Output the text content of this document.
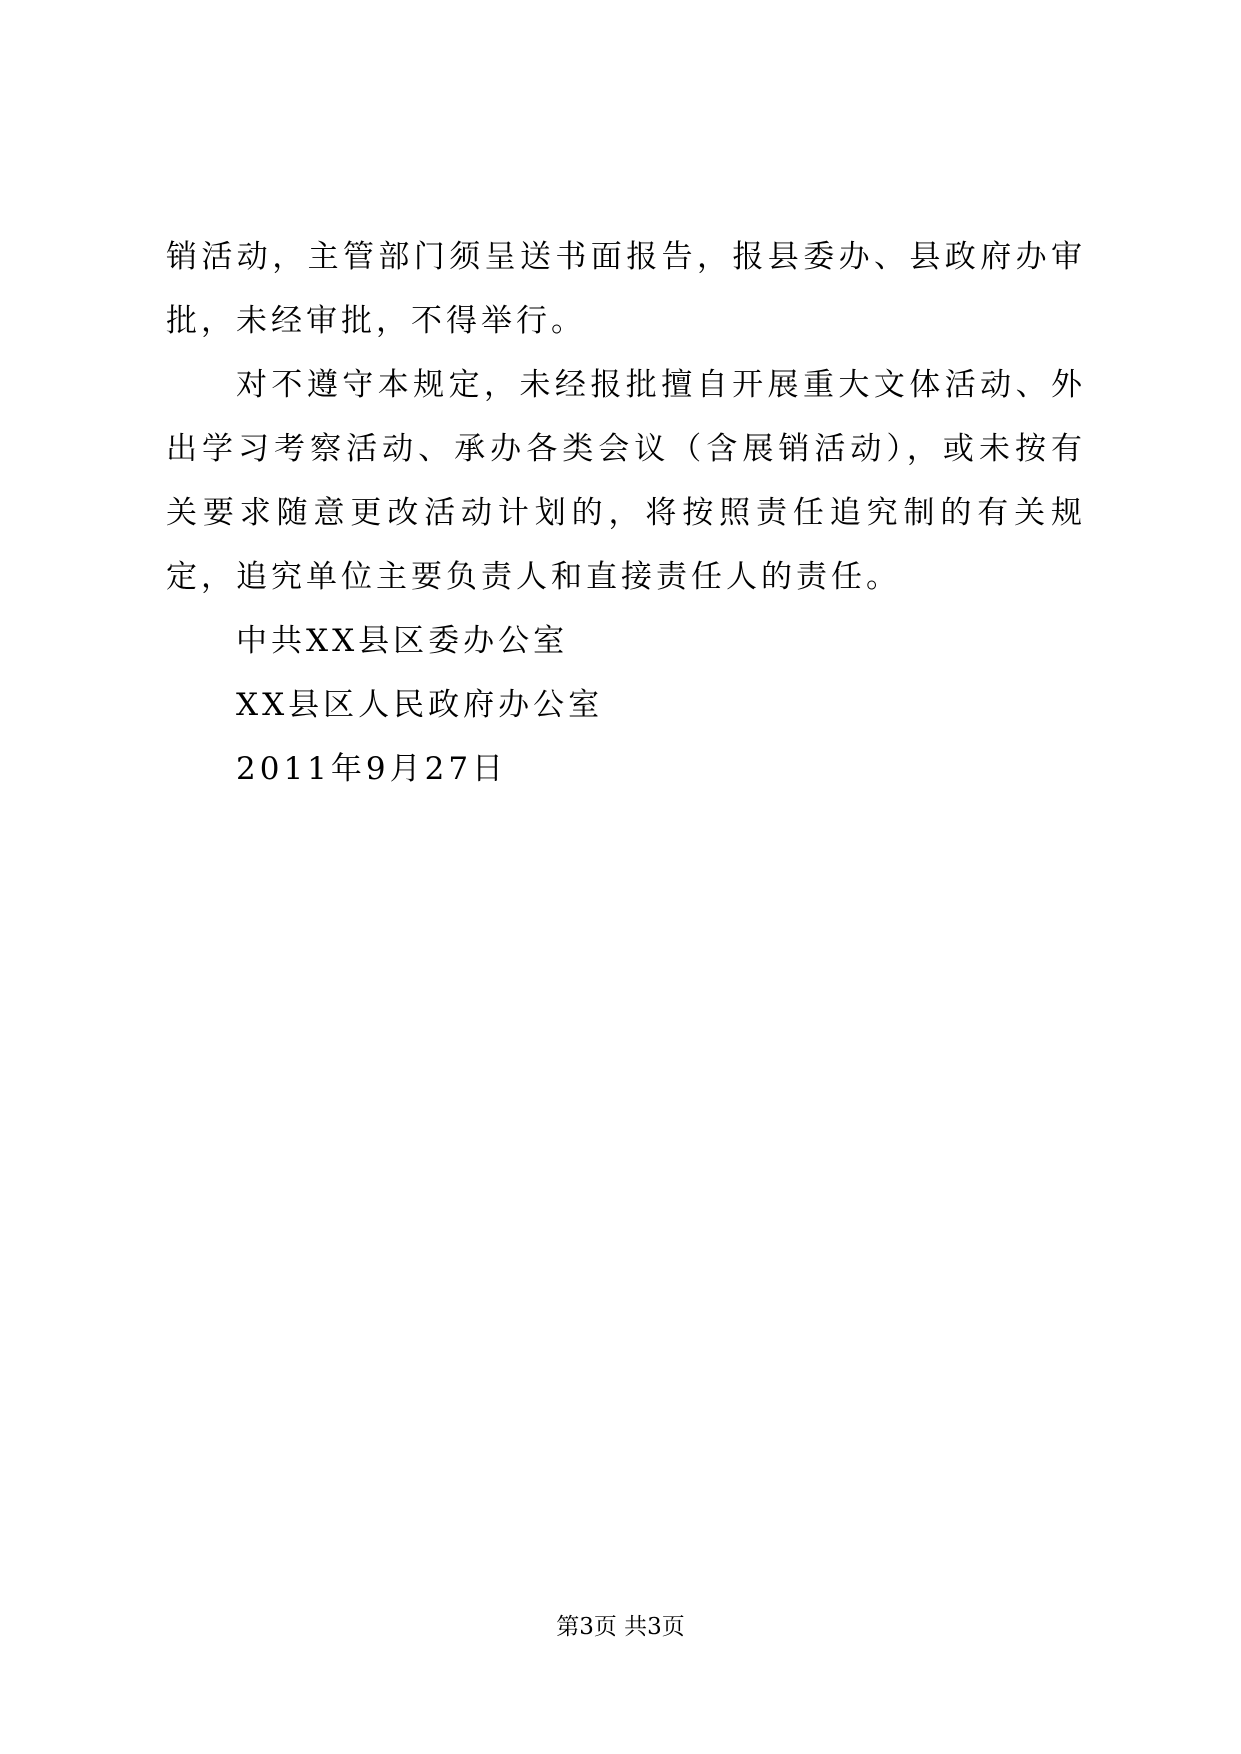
销活动，主管部门须呈送书面报告，报县委办、县政府办审批，未经审批，不得举行。

对不遵守本规定，未经报批擅自开展重大文体活动、外出学习考察活动、承办各类会议（含展销活动），或未按有关要求随意更改活动计划的，将按照责任追究制的有关规定，追究单位主要负责人和直接责任人的责任。

中共XX县区委办公室

XX县区人民政府办公室

2011年9月27日

第3页 共3页
